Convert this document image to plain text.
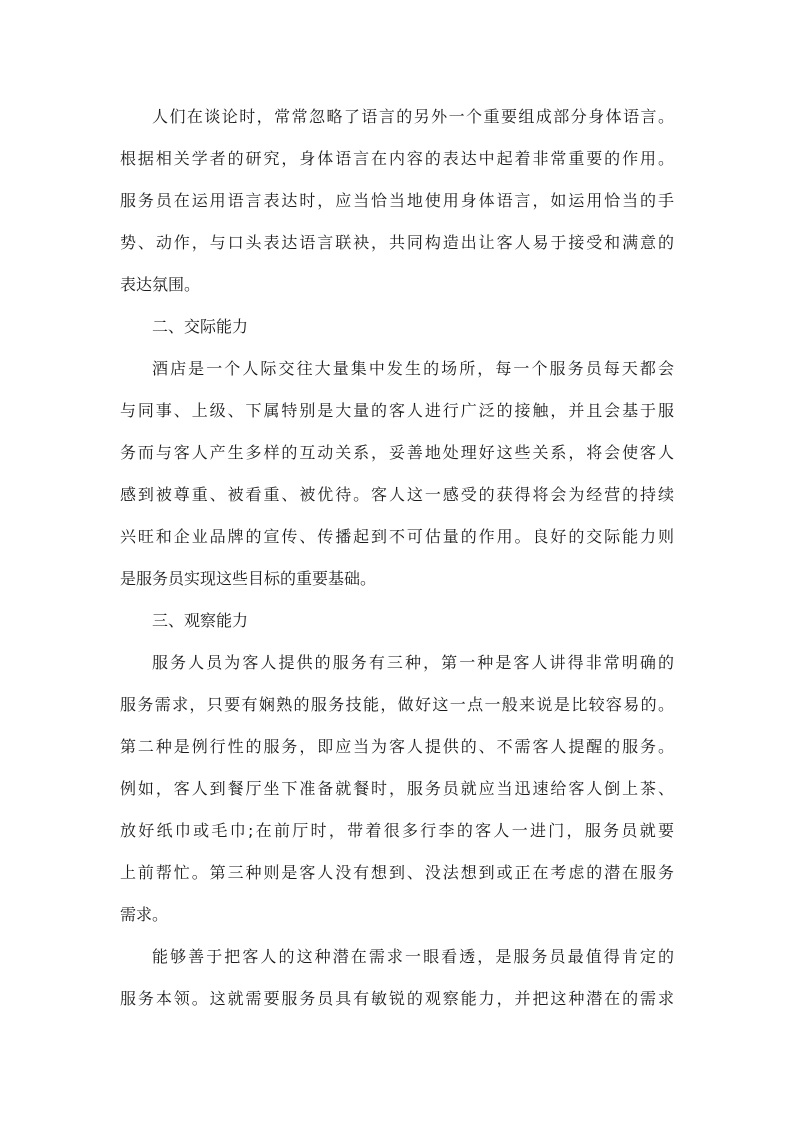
人们在谈论时，常常忽略了语言的另外一个重要组成部分身体语言。
根据相关学者的研究，身体语言在内容的表达中起着非常重要的作用。
服务员在运用语言表达时，应当恰当地使用身体语言，如运用恰当的手
势、动作，与口头表达语言联袂，共同构造出让客人易于接受和满意的
表达氛围。
二、交际能力
酒店是一个人际交往大量集中发生的场所，每一个服务员每天都会
与同事、上级、下属特别是大量的客人进行广泛的接触，并且会基于服
务而与客人产生多样的互动关系，妥善地处理好这些关系，将会使客人
感到被尊重、被看重、被优待。客人这一感受的获得将会为经营的持续
兴旺和企业品牌的宣传、传播起到不可估量的作用。良好的交际能力则
是服务员实现这些目标的重要基础。
三、观察能力
服务人员为客人提供的服务有三种，第一种是客人讲得非常明确的
服务需求，只要有娴熟的服务技能，做好这一点一般来说是比较容易的。
第二种是例行性的服务，即应当为客人提供的、不需客人提醒的服务。
例如，客人到餐厅坐下准备就餐时，服务员就应当迅速给客人倒上茶、
放好纸巾或毛巾;在前厅时，带着很多行李的客人一进门，服务员就要
上前帮忙。第三种则是客人没有想到、没法想到或正在考虑的潜在服务
需求。
能够善于把客人的这种潜在需求一眼看透，是服务员最值得肯定的
服务本领。这就需要服务员具有敏锐的观察能力，并把这种潜在的需求
